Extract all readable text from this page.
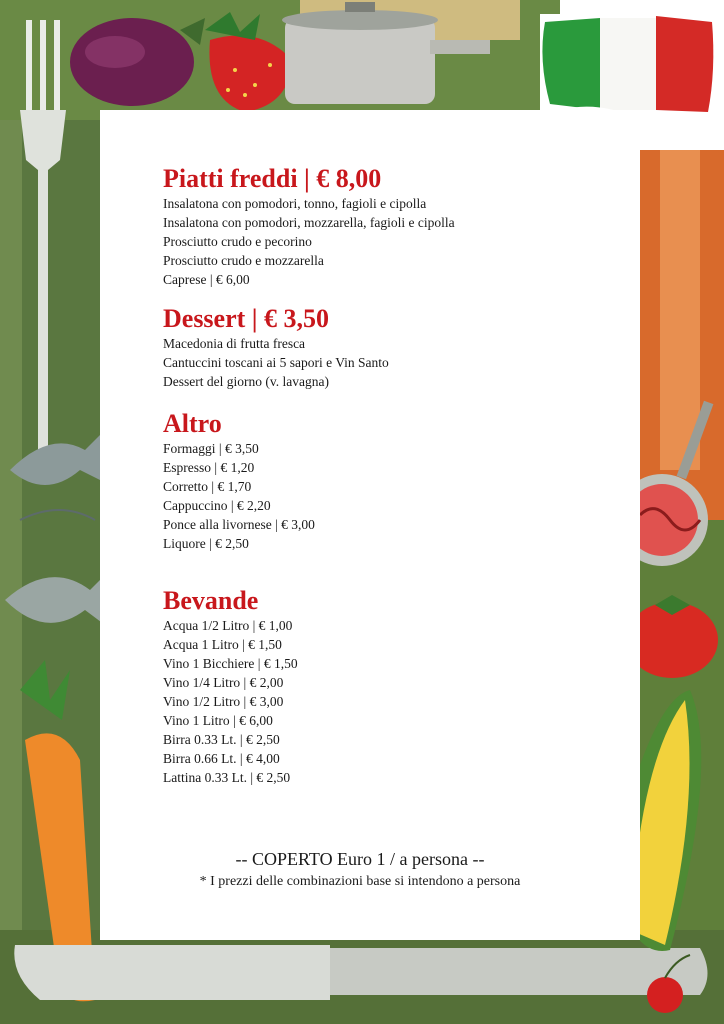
Piatti freddi | € 8,00

Insalatona con pomodori, tonno, fagioli e cipolla

Insalatona con pomodori, mozzarella, fagioli e cipolla

Prosciutto crudo e pecorino

Prosciutto crudo e mozzarella

Caprese | € 6,00

Dessert | € 3,50

Macedonia di frutta fresca

Cantuccini toscani ai 5 sapori e Vin Santo

Dessert del giorno (v. lavagna)

Altro

Formaggi | € 3,50

Espresso | € 1,20

Corretto | € 1,70

Cappuccino | € 2,20

Ponce alla livornese | € 3,00

Liquore | € 2,50

Bevande

Acqua 1/2 Litro | € 1,00

Acqua 1 Litro | € 1,50

Vino 1 Bicchiere | € 1,50

Vino 1/4 Litro | € 2,00

Vino 1/2 Litro | € 3,00

Vino 1 Litro | € 6,00

Birra 0.33 Lt. | € 2,50

Birra 0.66 Lt. | € 4,00

Lattina 0.33 Lt. | € 2,50

-- COPERTO Euro 1 / a persona --
* I prezzi delle combinazioni base si intendono a persona
